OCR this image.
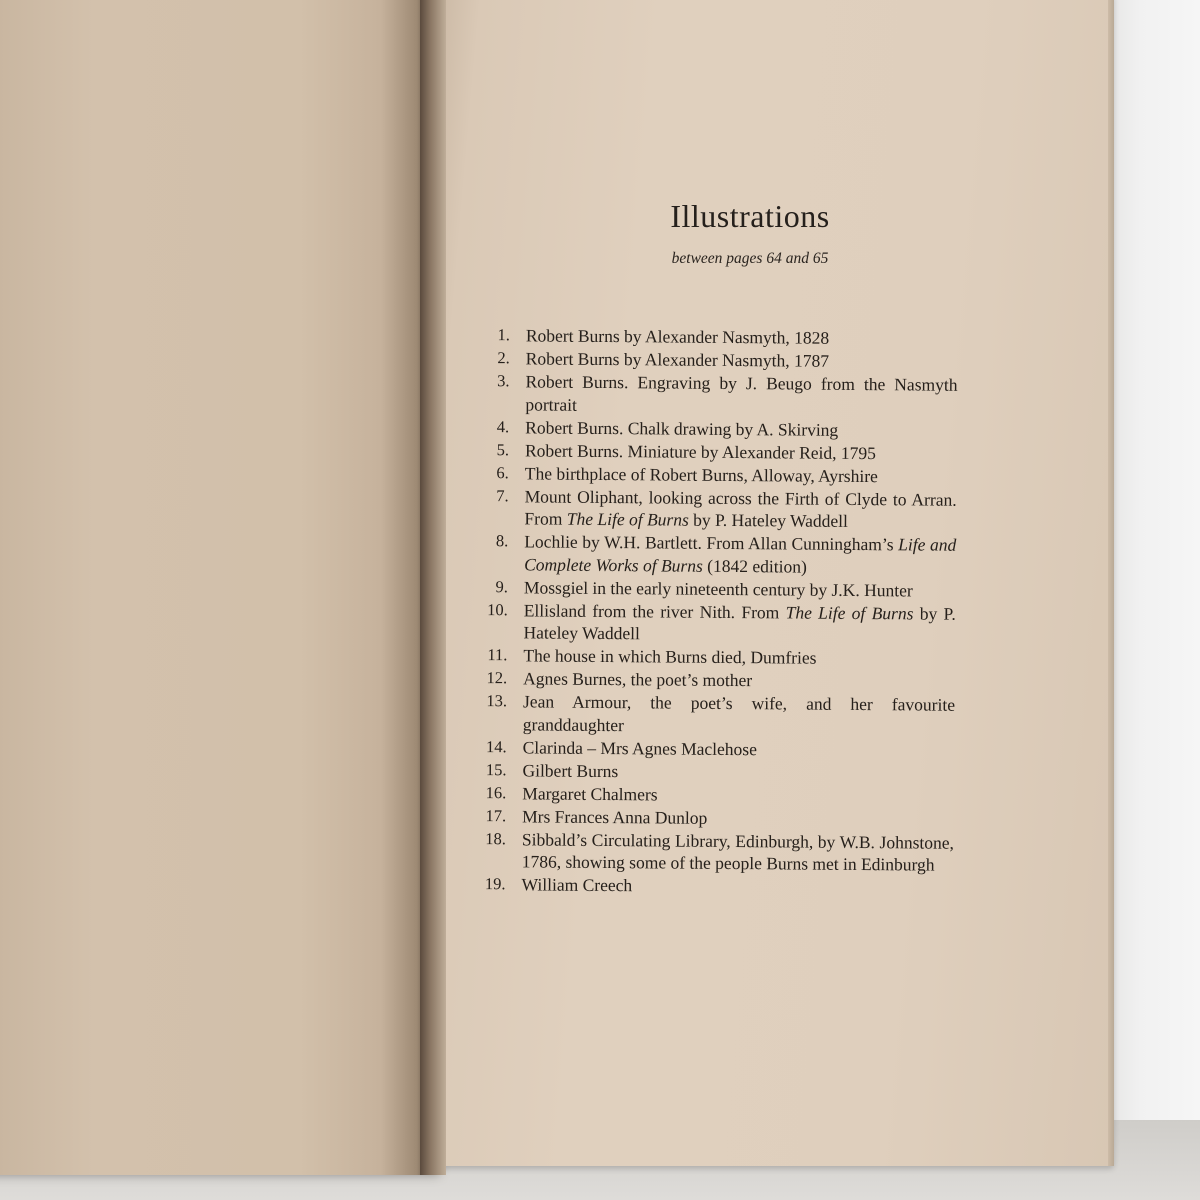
Illustrations
between pages 64 and 65
1. Robert Burns by Alexander Nasmyth, 1828
2. Robert Burns by Alexander Nasmyth, 1787
3. Robert Burns. Engraving by J. Beugo from the Nasmyth portrait
4. Robert Burns. Chalk drawing by A. Skirving
5. Robert Burns. Miniature by Alexander Reid, 1795
6. The birthplace of Robert Burns, Alloway, Ayrshire
7. Mount Oliphant, looking across the Firth of Clyde to Arran. From The Life of Burns by P. Hateley Waddell
8. Lochlie by W.H. Bartlett. From Allan Cunningham’s Life and Complete Works of Burns (1842 edition)
9. Mossgiel in the early nineteenth century by J.K. Hunter
10. Ellisland from the river Nith. From The Life of Burns by P. Hateley Waddell
11. The house in which Burns died, Dumfries
12. Agnes Burnes, the poet’s mother
13. Jean Armour, the poet’s wife, and her favourite granddaughter
14. Clarinda – Mrs Agnes Maclehose
15. Gilbert Burns
16. Margaret Chalmers
17. Mrs Frances Anna Dunlop
18. Sibbald’s Circulating Library, Edinburgh, by W.B. Johnstone, 1786, showing some of the people Burns met in Edinburgh
19. William Creech
